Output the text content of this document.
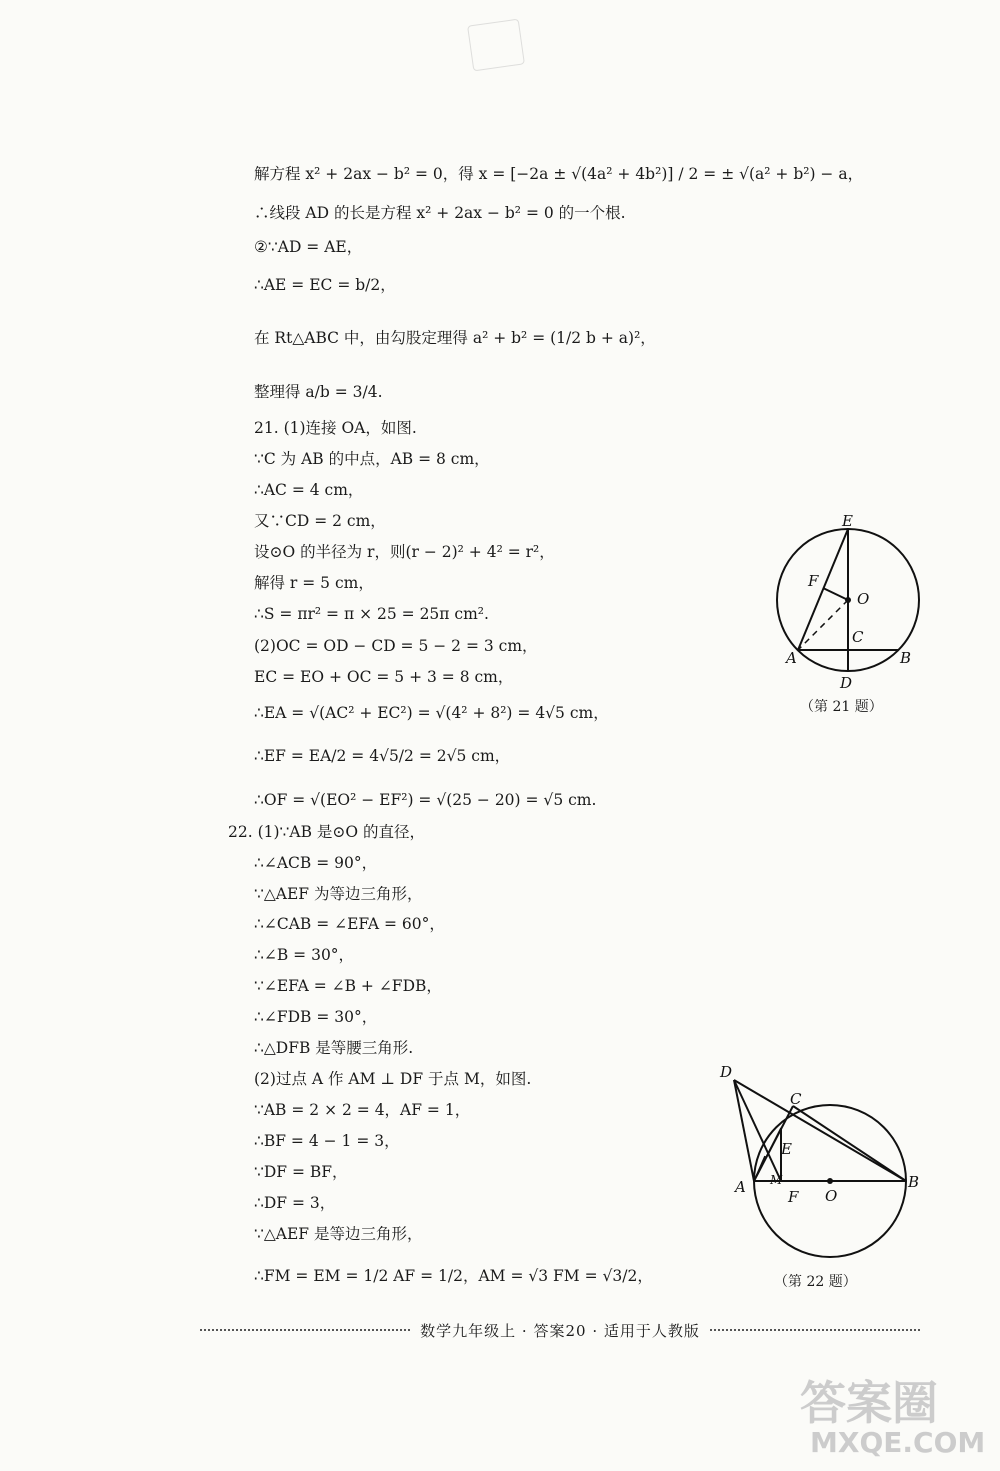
解方程 x² + 2ax − b² = 0，得 x = [−2a ± √(4a² + 4b²)] / 2 = ± √(a² + b²) − a，
∴线段 AD 的长是方程 x² + 2ax − b² = 0 的一个根.
②∵AD = AE，
∴AE = EC = b/2，
在 Rt△ABC 中，由勾股定理得 a² + b² = (1/2 b + a)²，
整理得 a/b = 3/4.
21. (1)连接 OA，如图.
∵C 为 AB 的中点，AB = 8 cm，
∴AC = 4 cm，
又∵CD = 2 cm，
设⊙O 的半径为 r，则(r − 2)² + 4² = r²，
解得 r = 5 cm，
∴S = πr² = π × 25 = 25π cm².
(2)OC = OD − CD = 5 − 2 = 3 cm，
EC = EO + OC = 5 + 3 = 8 cm，
∴EA = √(AC² + EC²) = √(4² + 8²) = 4√5 cm，
∴EF = EA/2 = 4√5/2 = 2√5 cm，
∴OF = √(EO² − EF²) = √(25 − 20) = √5 cm.
22. (1)∵AB 是⊙O 的直径，
∴∠ACB = 90°，
∵△AEF 为等边三角形，
∴∠CAB = ∠EFA = 60°，
∴∠B = 30°，
∵∠EFA = ∠B + ∠FDB，
∴∠FDB = 30°，
∴△DFB 是等腰三角形.
(2)过点 A 作 AM ⊥ DF 于点 M，如图.
∵AB = 2 × 2 = 4，AF = 1，
∴BF = 4 − 1 = 3，
∵DF = BF，
∴DF = 3，
∵△AEF 是等边三角形，
∴FM = EM = 1/2 AF = 1/2，AM = √3 FM = √3/2，
E
F
O
C
A	B
D
（第 21 题）
D
C
E
A M
F O
B
（第 22 题）
数学九年级上 · 答案20 · 适用于人教版
答案圈
MXQE.COM
